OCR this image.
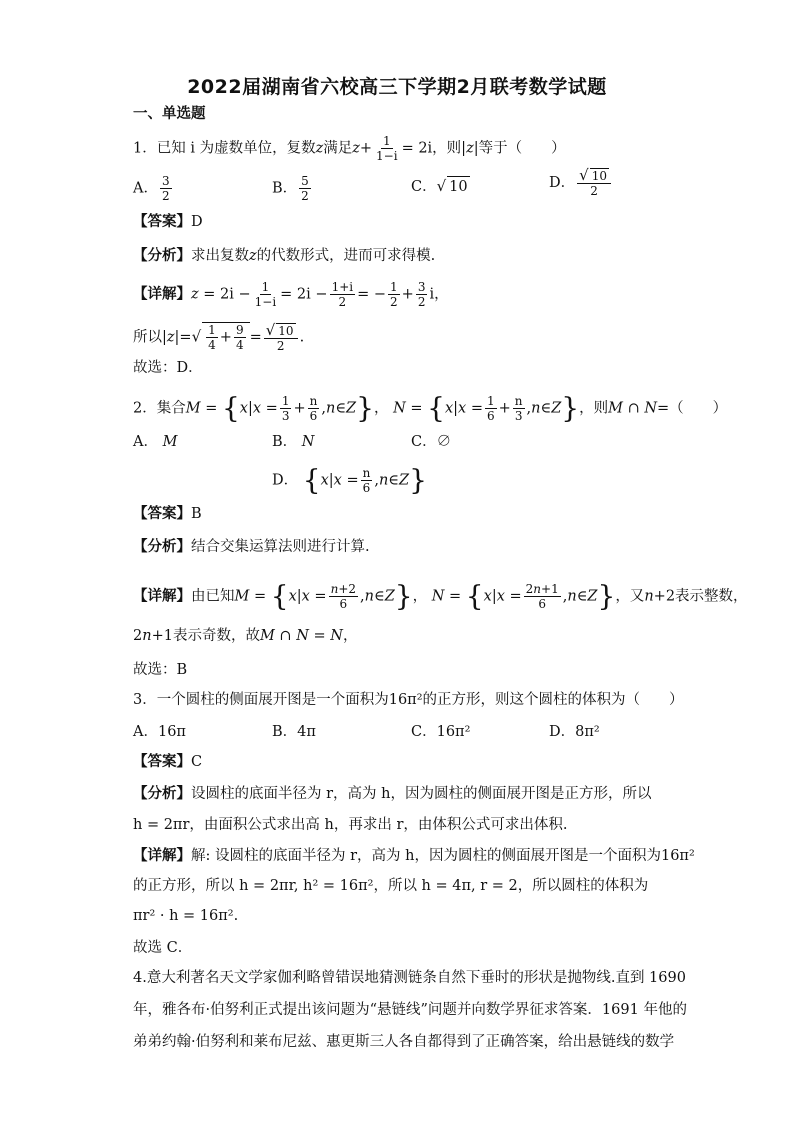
2022届湖南省六校高三下学期2月联考数学试题
一、单选题
1．已知 i 为虚数单位，复数z满足$z+ \frac{1}{1-i} = 2i$，则|z|等于（　　）
A． $\frac{3}{2}$	B． $\frac{5}{2}$	C．√ 10	D． $\frac{√ 10}{2}$
【答案】D
【分析】求出复数z的代数形式，进而可求得模.
【详解】$z = 2i - \frac{1}{1-i} = 2i - \frac{1+i}{2}$ = − $\frac{1}{2} + \frac{3}{2}$ i，
所以$|z|=√ \frac{1}{4} + \frac{9}{4} = \frac{√ 10}{2}$ .
故选：D．
2．集合$M = \{x|x = \frac{1}{3} + \frac{n}{6}$ ,n∈Z}， $N = \{x|x = \frac{1}{6} + \frac{n}{3}$ ,n∈Z}，则M ∩ N=（　　）
A． M	B． N	C．∅
D． {$x|x = \frac{n}{6}$ ,n∈Z}
【答案】B
【分析】结合交集运算法则进行计算.
【详解】由已知$M = \{x|x = \frac{n+2}{6}$ ,n∈Z}， $N = \{x|x = \frac{2n+1}{6}$ ,n∈Z}，又n+2表示整数，
2n+1表示奇数，故M ∩ N = N，
故选：B
3．一个圆柱的侧面展开图是一个面积为16π²的正方形，则这个圆柱的体积为（　　）
A．16π	B．4π	C．16π²	D．8π²
【答案】C
【分析】设圆柱的底面半径为 r，高为 h，因为圆柱的侧面展开图是正方形，所以
h = 2πr，由面积公式求出高 h，再求出 r，由体积公式可求出体积.
【详解】解: 设圆柱的底面半径为 r，高为 h，因为圆柱的侧面展开图是一个面积为16π²
的正方形，所以 h = 2πr, h² = 16π²，所以 h = 4π, r = 2，所以圆柱的体积为
πr² · h = 16π².
故选 C．
4.意大利著名天文学家伽利略曾错误地猜测链条自然下垂时的形状是抛物线.直到 1690
年，雅各布·伯努利正式提出该问题为“悬链线”问题并向数学界征求答案．1691 年他的
弟弟约翰·伯努利和莱布尼兹、惠更斯三人各自都得到了正确答案，给出悬链线的数学
